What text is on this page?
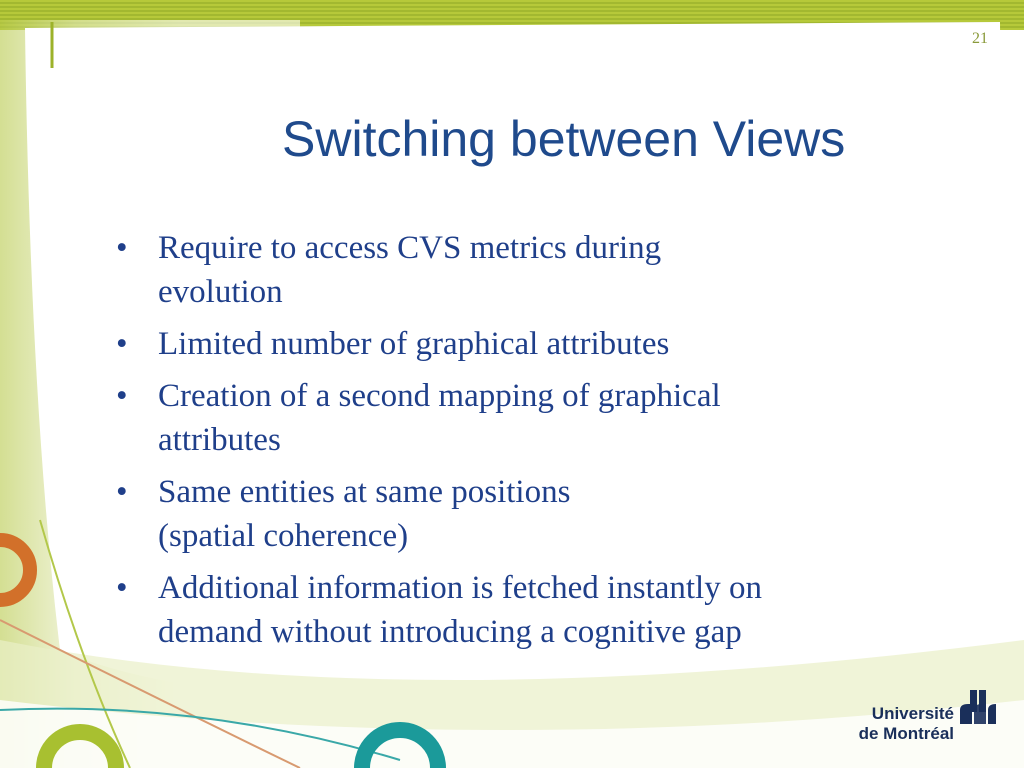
21
Switching between Views
• Require to access CVS metrics during
evolution
• Limited number of graphical attributes
• Creation of a second mapping of graphical
attributes
• Same entities at same positions
(spatial coherence)
• Additional information is fetched instantly on
demand without introducing a cognitive gap
Université
de Montréal
